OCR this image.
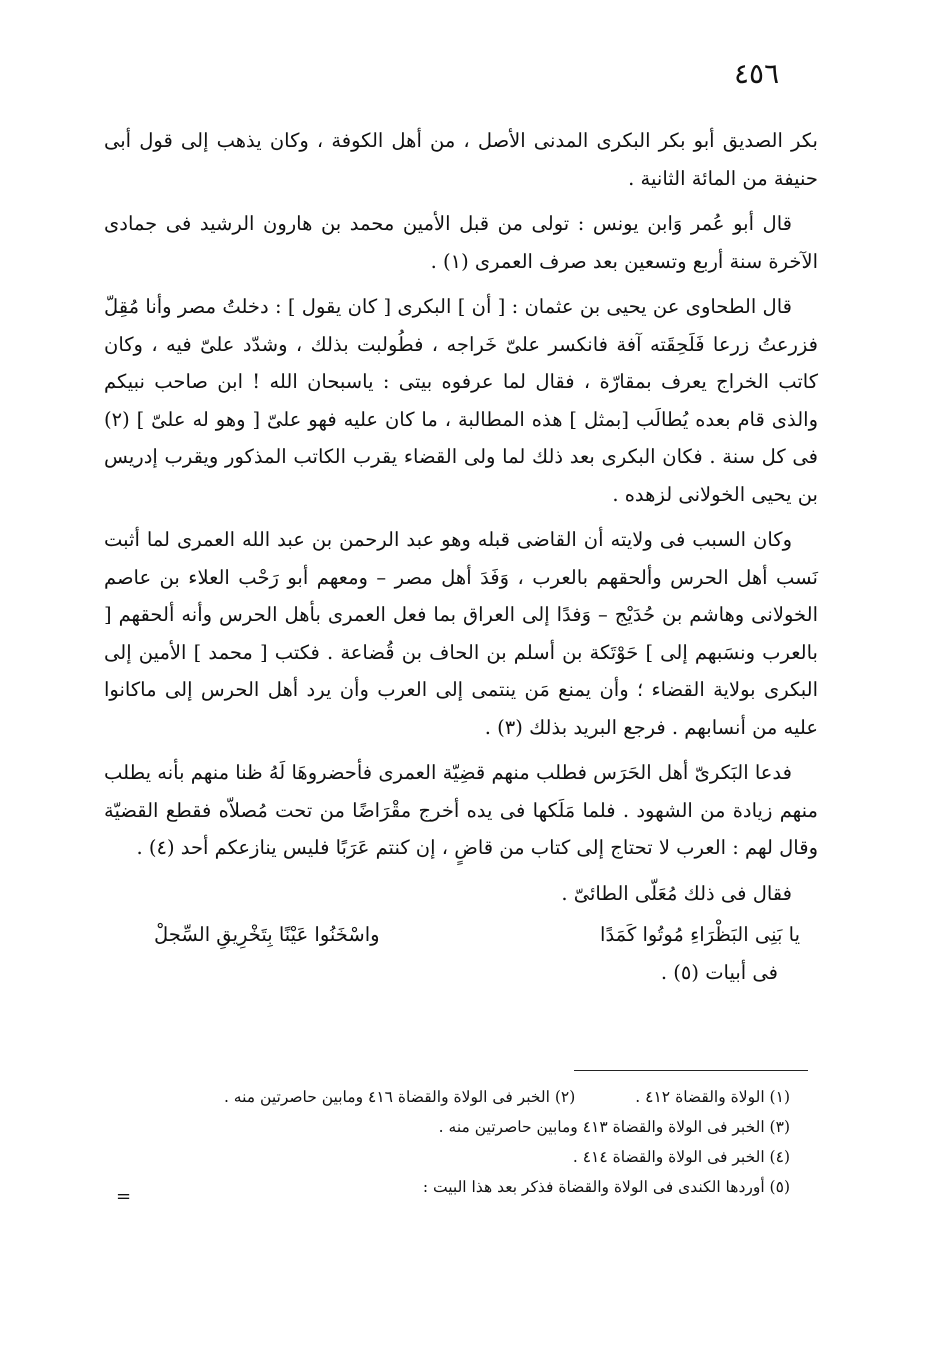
٤٥٦

بكر الصديق أبو بكر البكرى المدنى الأصل ، من أهل الكوفة ، وكان يذهب إلى قول أبى حنيفة من المائة الثانية .

قال أبو عُمر وَابن يونس : تولى من قبل الأمين محمد بن هارون الرشيد فى جمادى الآخرة سنة أربع وتسعين بعد صرف العمرى (١) .

قال الطحاوى عن يحيى بن عثمان : [ أن ] البكرى [ كان يقول ] : دخلتُ مصر وأنا مُقِلّ فزرعتُ زرعا فَلَحِقَته آفة فانكسر علىّ خَراجه ، فطُولبت بذلك ، وشدّد علىّ فيه ، وكان كاتب الخراج يعرف بمقارّة ، فقال لما عرفوه بيتى : ياسبحان الله ! ابن صاحب نبيكم والذى قام بعده يُطالَب [بمثل ] هذه المطالبة ، ما كان عليه فهو علىّ [ وهو له علىّ ] (٢) فى كل سنة . فكان البكرى بعد ذلك لما ولى القضاء يقرب الكاتب المذكور ويقرب إدريس بن يحيى الخولانى لزهده .

وكان السبب فى ولايته أن القاضى قبله وهو عبد الرحمن بن عبد الله العمرى لما أثبت نَسب أهل الحرس وألحقهم بالعرب ، وَفَدَ أهل مصر – ومعهم أبو رَحْب العلاء بن عاصم الخولانى وهاشم بن حُدَيْج – وَفدًا إلى العراق بما فعل العمرى بأهل الحرس وأنه ألحقهم [ بالعرب ونسَبهم إلى ] حَوْتَكة بن أسلم بن الحاف بن قُضاعة . فكتب [ محمد ] الأمين إلى البكرى بولاية القضاء ؛ وأن يمنع مَن ينتمى إلى العرب وأن يرد أهل الحرس إلى ماكانوا عليه من أنسابهم . فرجع البريد بذلك (٣) .

فدعا البَكرىّ أهل الحَرَس فطلب منهم قضِيّة العمرى فأحضروهَا لَهُ ظنا منهم بأنه يطلب منهم زيادة من الشهود . فلما مَلَكها فى يده أخرج مقْرَاضًا من تحت مُصلاّه فقطع القضيّة وقال لهم : العرب لا تحتاج إلى كتاب من قاضٍ ، إن كنتم عَرَبًا فليس ينازعكم أحد (٤) .

فقال فى ذلك مُعَلّى الطائىّ .

يا بَنِى البَظْرَاءِ مُوتُوا كَمَدًا
واسْخَنُوا عَيْنًا بِتَخْرِيقِ السِّجلْ

فى أبيات (٥) .

(١) الولاة والقضاة ٤١٢ .
(٢) الخبر فى الولاة والقضاة ٤١٦ ومابين حاصرتين منه .
(٣) الخبر فى الولاة والقضاة ٤١٣ ومابين حاصرتين منه .
(٤) الخبر فى الولاة والقضاة ٤١٤ .
(٥) أوردها الكندى فى الولاة والقضاة فذكر بعد هذا البيت :
=
